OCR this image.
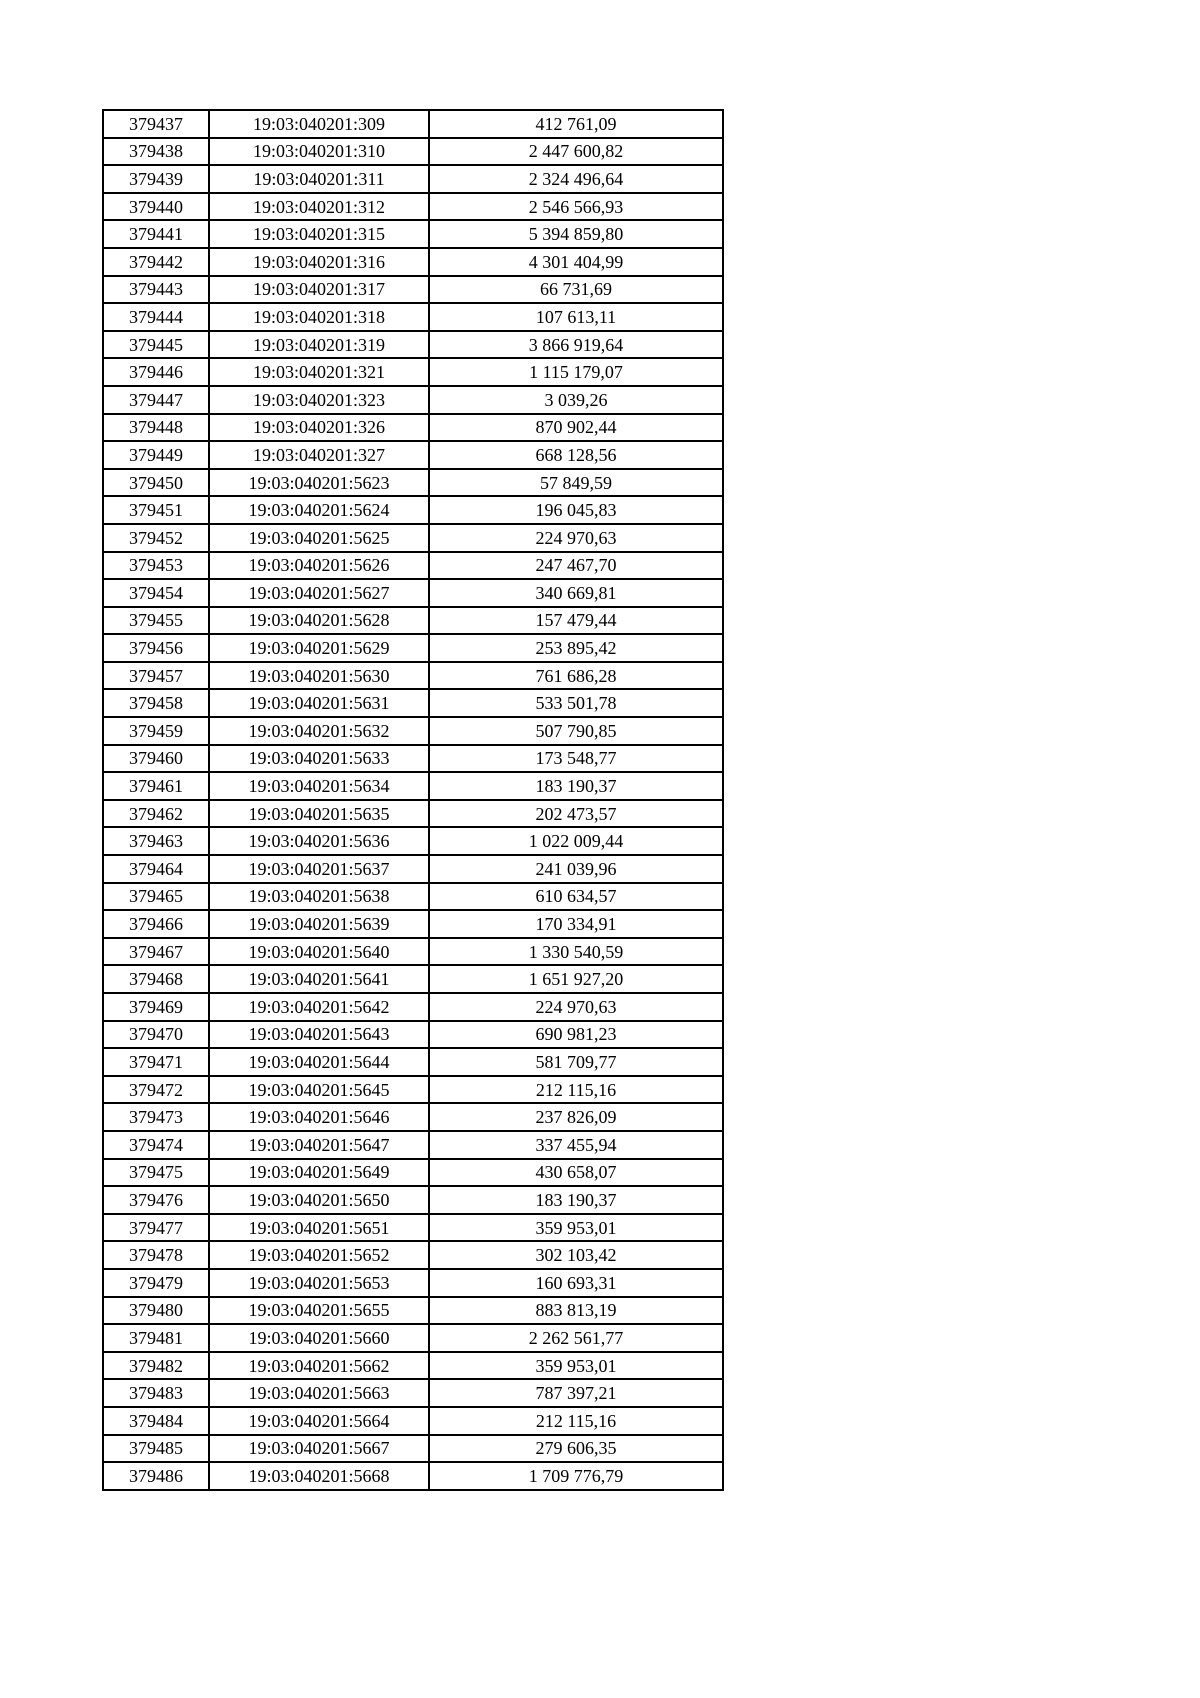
379437	19:03:040201:309	412 761,09
379438	19:03:040201:310	2 447 600,82
379439	19:03:040201:311	2 324 496,64
379440	19:03:040201:312	2 546 566,93
379441	19:03:040201:315	5 394 859,80
379442	19:03:040201:316	4 301 404,99
379443	19:03:040201:317	66 731,69
379444	19:03:040201:318	107 613,11
379445	19:03:040201:319	3 866 919,64
379446	19:03:040201:321	1 115 179,07
379447	19:03:040201:323	3 039,26
379448	19:03:040201:326	870 902,44
379449	19:03:040201:327	668 128,56
379450	19:03:040201:5623	57 849,59
379451	19:03:040201:5624	196 045,83
379452	19:03:040201:5625	224 970,63
379453	19:03:040201:5626	247 467,70
379454	19:03:040201:5627	340 669,81
379455	19:03:040201:5628	157 479,44
379456	19:03:040201:5629	253 895,42
379457	19:03:040201:5630	761 686,28
379458	19:03:040201:5631	533 501,78
379459	19:03:040201:5632	507 790,85
379460	19:03:040201:5633	173 548,77
379461	19:03:040201:5634	183 190,37
379462	19:03:040201:5635	202 473,57
379463	19:03:040201:5636	1 022 009,44
379464	19:03:040201:5637	241 039,96
379465	19:03:040201:5638	610 634,57
379466	19:03:040201:5639	170 334,91
379467	19:03:040201:5640	1 330 540,59
379468	19:03:040201:5641	1 651 927,20
379469	19:03:040201:5642	224 970,63
379470	19:03:040201:5643	690 981,23
379471	19:03:040201:5644	581 709,77
379472	19:03:040201:5645	212 115,16
379473	19:03:040201:5646	237 826,09
379474	19:03:040201:5647	337 455,94
379475	19:03:040201:5649	430 658,07
379476	19:03:040201:5650	183 190,37
379477	19:03:040201:5651	359 953,01
379478	19:03:040201:5652	302 103,42
379479	19:03:040201:5653	160 693,31
379480	19:03:040201:5655	883 813,19
379481	19:03:040201:5660	2 262 561,77
379482	19:03:040201:5662	359 953,01
379483	19:03:040201:5663	787 397,21
379484	19:03:040201:5664	212 115,16
379485	19:03:040201:5667	279 606,35
379486	19:03:040201:5668	1 709 776,79
